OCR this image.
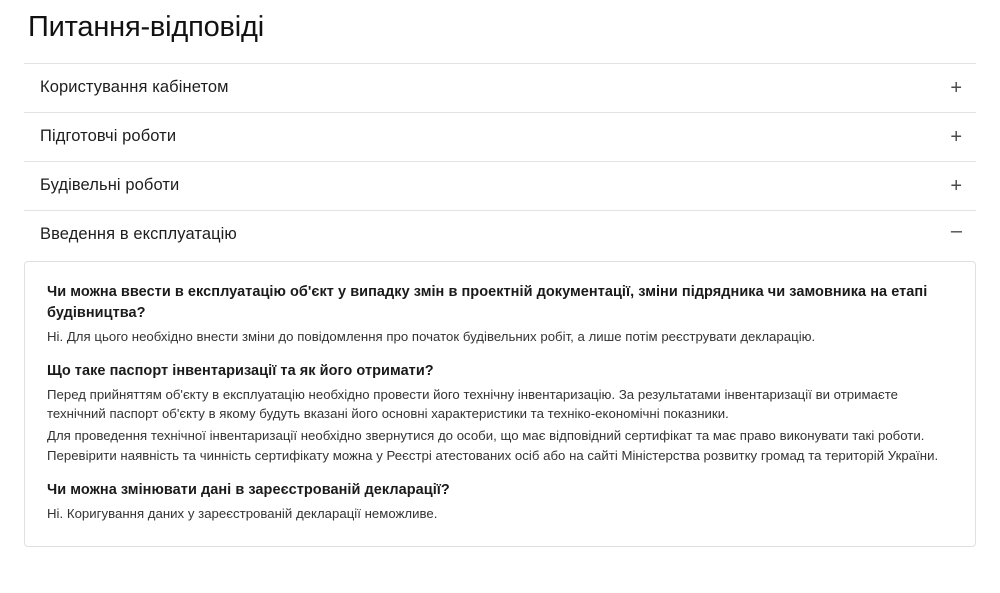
Питання-відповіді
Користування кабінетом	+
Підготовчі роботи	+
Будівельні роботи	+
Введення в експлуатацію	–

Чи можна ввести в експлуатацію об'єкт у випадку змін в проектній документації, зміни підрядника чи замовника на етапі будівництва?

Ні. Для цього необхідно внести зміни до повідомлення про початок будівельних робіт, а лише потім реєструвати декларацію.

Що таке паспорт інвентаризації та як його отримати?

Перед прийняттям об'єкту в експлуатацію необхідно провести його технічну інвентаризацію. За результатами інвентаризації ви отримаєте технічний паспорт об'єкту в якому будуть вказані його основні характеристики та техніко-економічні показники.

Для проведення технічної інвентаризації необхідно звернутися до особи, що має відповідний сертифікат та має право виконувати такі роботи. Перевірити наявність та чинність сертифікату можна у Реєстрі атестованих осіб або на сайті Міністерства розвитку громад та територій України.

Чи можна змінювати дані в зареєстрованій декларації?

Ні. Коригування даних у зареєстрованій декларації неможливе.
